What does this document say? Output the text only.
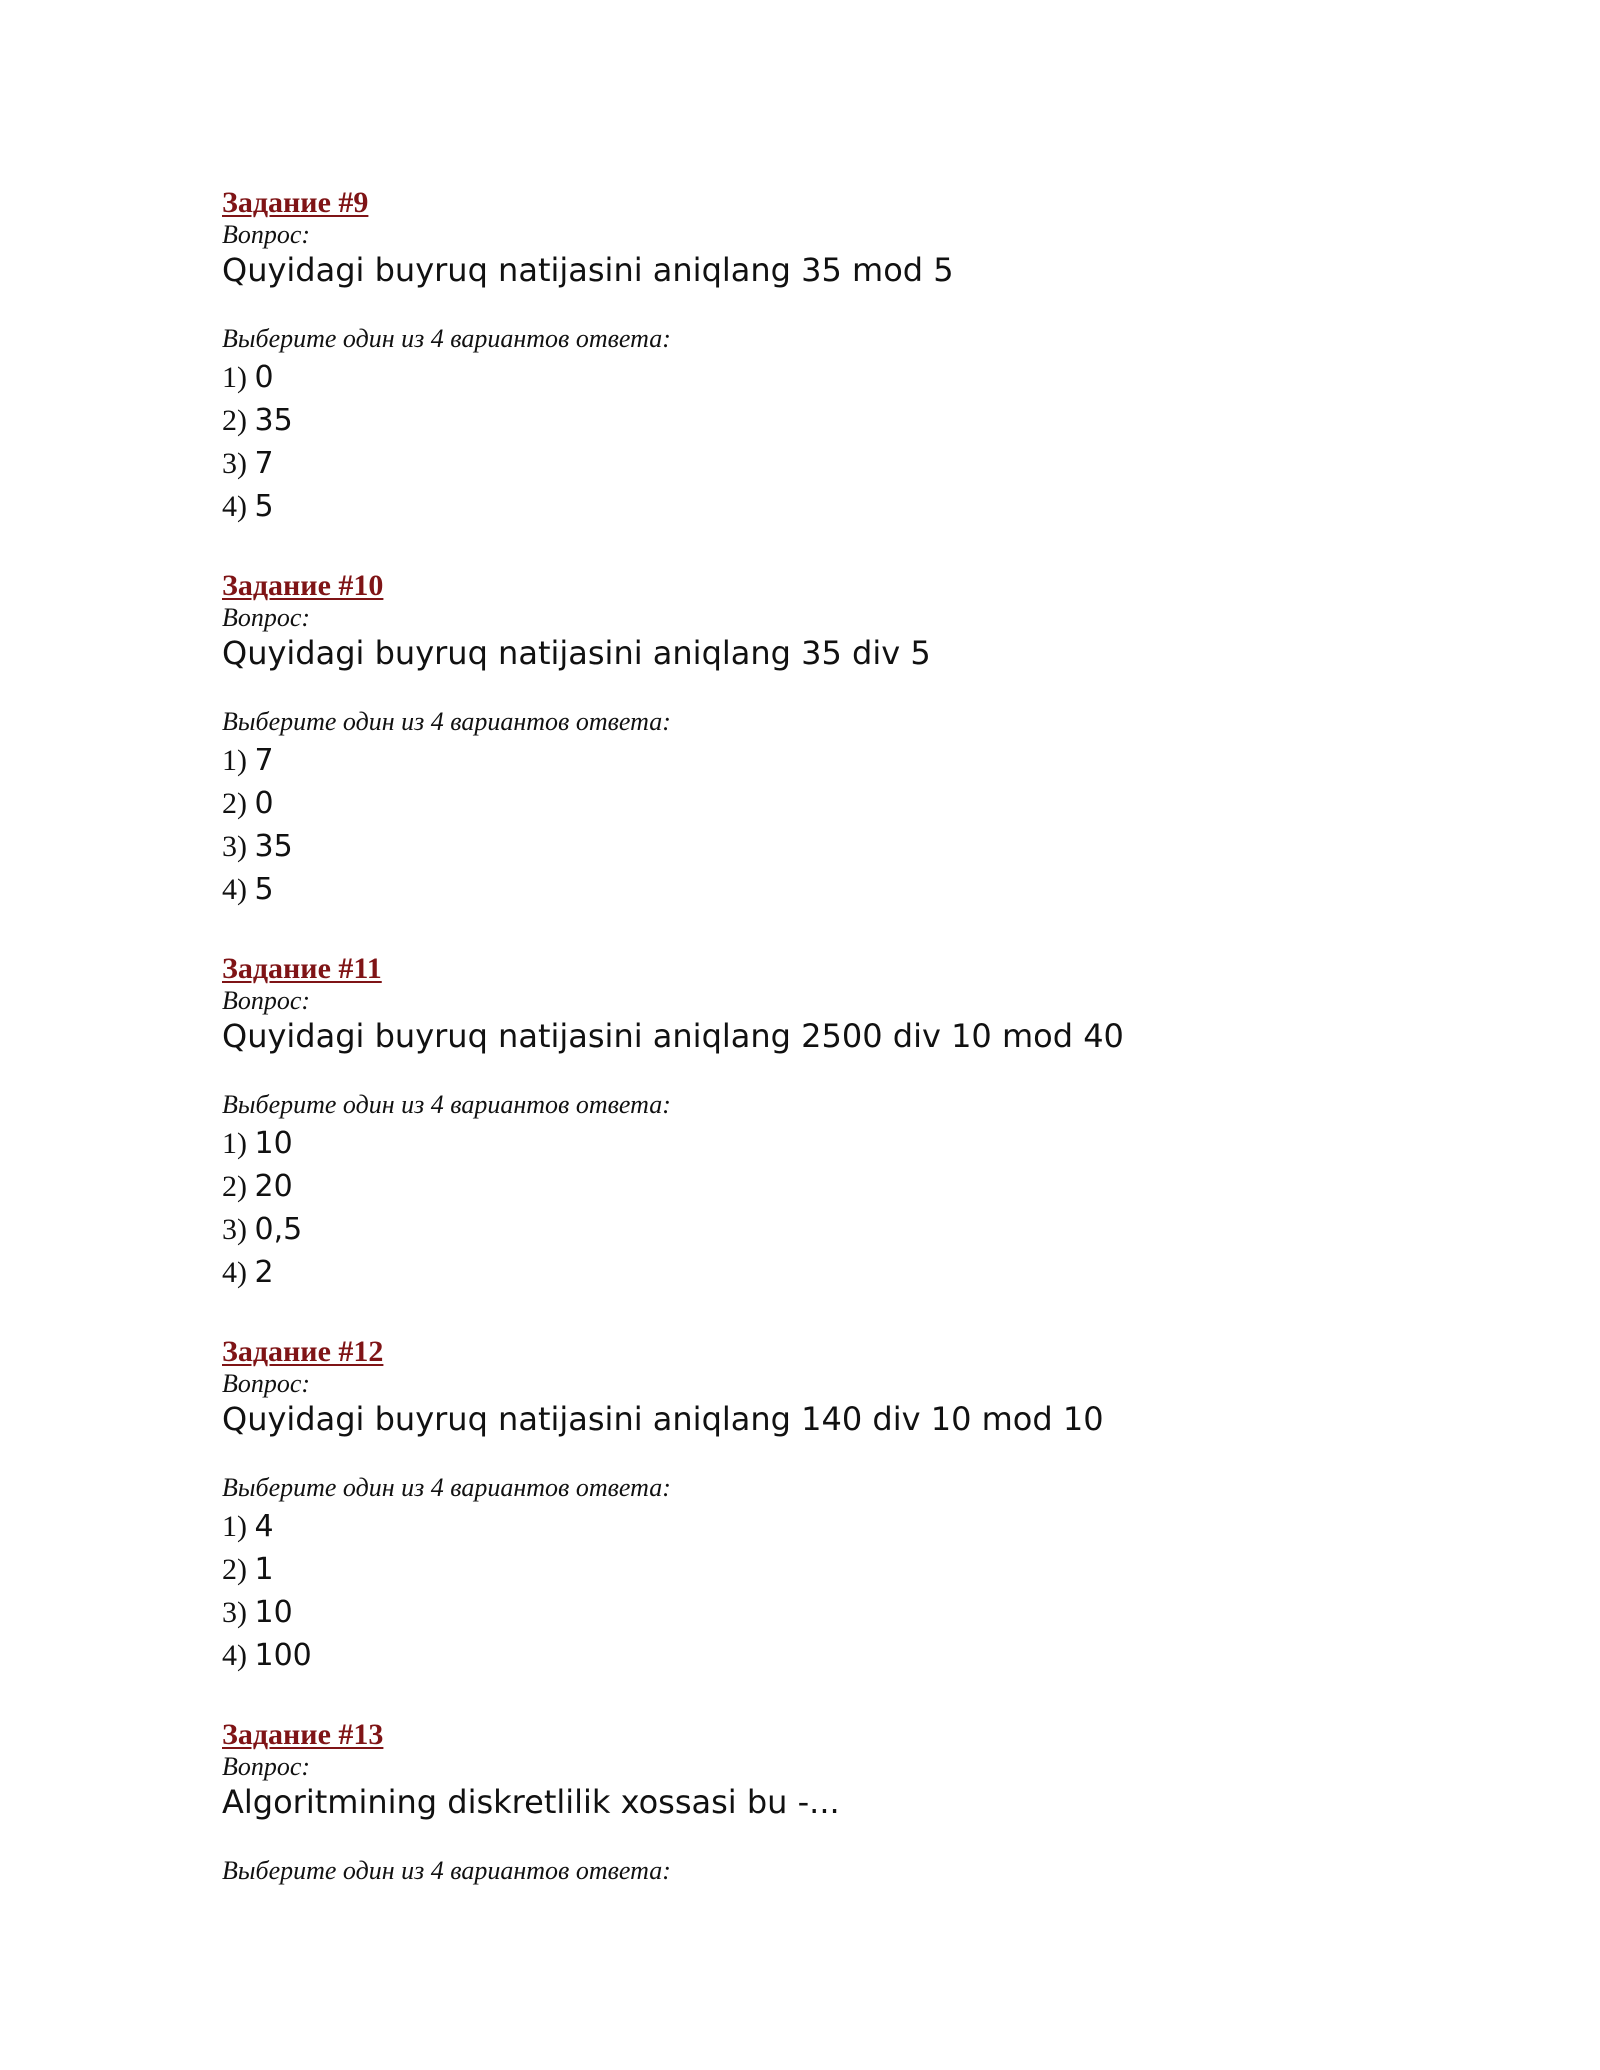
Задание #9
Вопрос:
Quyidagi buyruq natijasini aniqlang 35 mod 5
Выберите один из 4 вариантов ответа:
1) 0
2) 35
3) 7
4) 5
Задание #10
Вопрос:
Quyidagi buyruq natijasini aniqlang 35 div 5
Выберите один из 4 вариантов ответа:
1) 7
2) 0
3) 35
4) 5
Задание #11
Вопрос:
Quyidagi buyruq natijasini aniqlang 2500 div 10 mod 40
Выберите один из 4 вариантов ответа:
1) 10
2) 20
3) 0,5
4) 2
Задание #12
Вопрос:
Quyidagi buyruq natijasini aniqlang 140 div 10 mod 10
Выберите один из 4 вариантов ответа:
1) 4
2) 1
3) 10
4) 100
Задание #13
Вопрос:
Algoritmining diskretlilik xossasi bu -...
Выберите один из 4 вариантов ответа:
